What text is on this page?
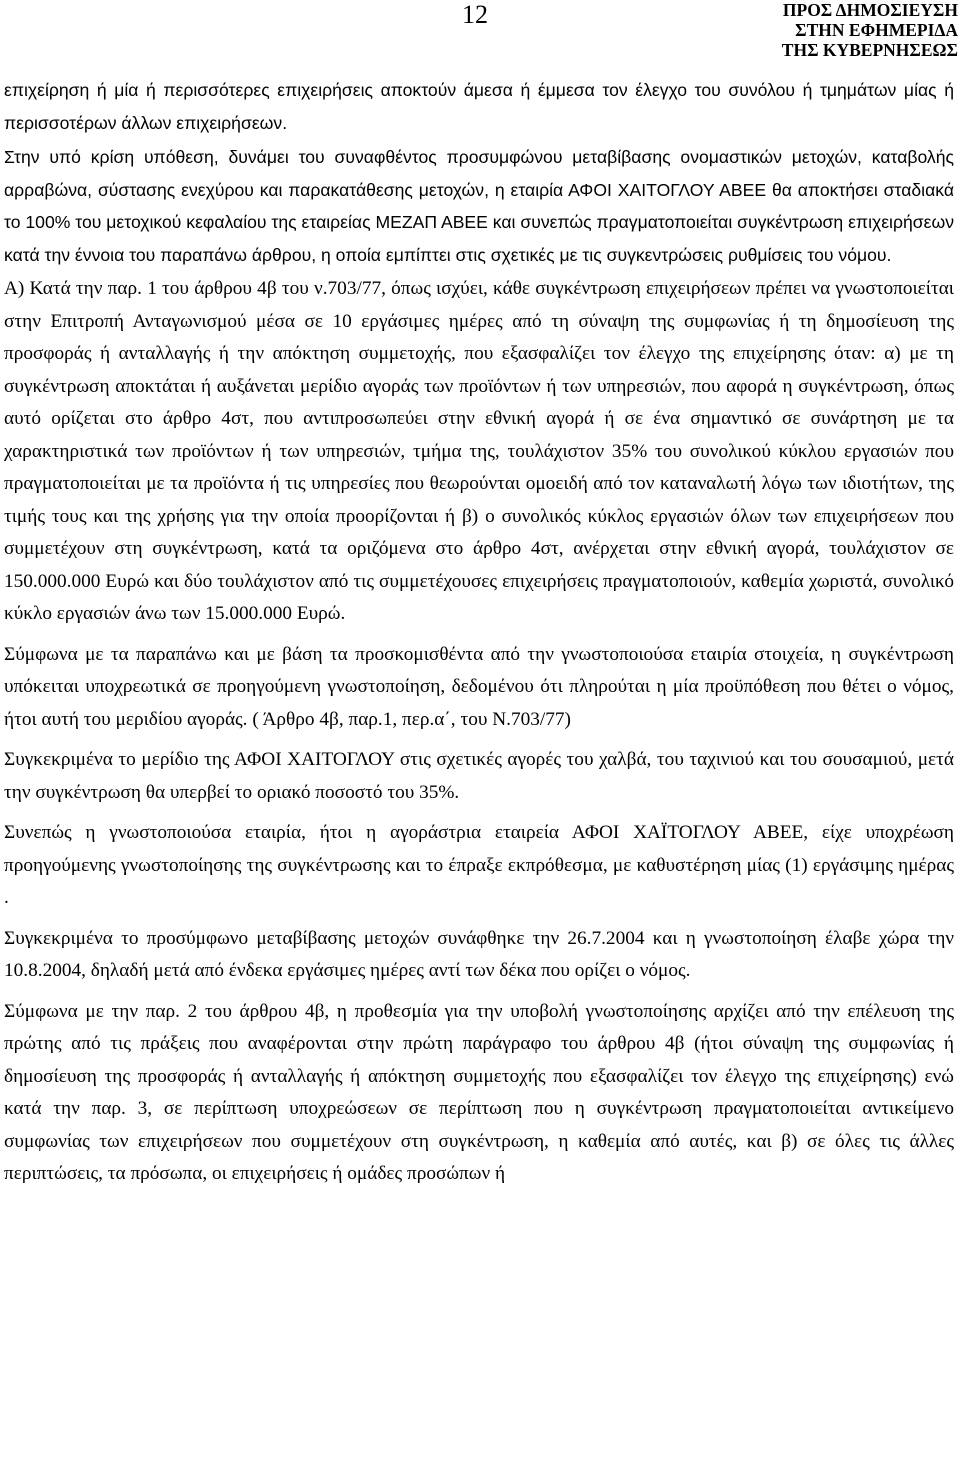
12	ΠΡΟΣ ΔΗΜΟΣΙΕΥΣΗ
ΣΤΗΝ ΕΦΗΜΕΡΙΔΑ
ΤΗΣ ΚΥΒΕΡΝΗΣΕΩΣ

επιχείρηση ή μία ή περισσότερες επιχειρήσεις αποκτούν άμεσα ή έμμεσα τον έλεγχο του συνόλου ή τμημάτων μίας ή περισσοτέρων άλλων επιχειρήσεων.

Στην υπό κρίση υπόθεση, δυνάμει του συναφθέντος προσυμφώνου μεταβίβασης ονομαστικών μετοχών, καταβολής αρραβώνα, σύστασης ενεχύρου και παρακατάθεσης μετοχών, η εταιρία ΑΦΟΙ ΧΑΙΤΟΓΛΟΥ ΑΒΕΕ θα αποκτήσει σταδιακά το 100% του μετοχικού κεφαλαίου της εταιρείας ΜΕΖΑΠ ΑΒΕΕ και συνεπώς πραγματοποιείται συγκέντρωση επιχειρήσεων κατά την έννοια του παραπάνω άρθρου, η οποία εμπίπτει στις σχετικές με τις συγκεντρώσεις ρυθμίσεις του νόμου.

Α) Κατά την παρ. 1 του άρθρου 4β του ν.703/77, όπως ισχύει, κάθε συγκέντρωση επιχειρήσεων πρέπει να γνωστοποιείται στην Επιτροπή Ανταγωνισμού μέσα σε 10 εργάσιμες ημέρες από τη σύναψη της συμφωνίας ή τη δημοσίευση της προσφοράς ή ανταλλαγής ή την απόκτηση συμμετοχής, που εξασφαλίζει τον έλεγχο της επιχείρησης όταν: α) με τη συγκέντρωση αποκτάται ή αυξάνεται μερίδιο αγοράς των προϊόντων ή των υπηρεσιών, που αφορά η συγκέντρωση, όπως αυτό ορίζεται στο άρθρο 4στ, που αντιπροσωπεύει στην εθνική αγορά ή σε ένα σημαντικό σε συνάρτηση με τα χαρακτηριστικά των προϊόντων ή των υπηρεσιών, τμήμα της, τουλάχιστον 35% του συνολικού κύκλου εργασιών που πραγματοποιείται με τα προϊόντα ή τις υπηρεσίες που θεωρούνται ομοειδή από τον καταναλωτή λόγω των ιδιοτήτων, της τιμής τους και της χρήσης για την οποία προορίζονται ή β) ο συνολικός κύκλος εργασιών όλων των επιχειρήσεων που συμμετέχουν στη συγκέντρωση, κατά τα οριζόμενα στο άρθρο 4στ, ανέρχεται στην εθνική αγορά, τουλάχιστον σε 150.000.000 Ευρώ και δύο τουλάχιστον από τις συμμετέχουσες επιχειρήσεις πραγματοποιούν, καθεμία χωριστά, συνολικό κύκλο εργασιών άνω των 15.000.000 Ευρώ.

Σύμφωνα με τα παραπάνω και με βάση τα προσκομισθέντα από την γνωστοποιούσα εταιρία στοιχεία, η συγκέντρωση υπόκειται υποχρεωτικά σε προηγούμενη γνωστοποίηση, δεδομένου ότι πληρούται η μία προϋπόθεση που θέτει ο νόμος, ήτοι αυτή του μεριδίου αγοράς. ( Άρθρο 4β, παρ.1, περ.α΄, του Ν.703/77)

Συγκεκριμένα το μερίδιο της ΑΦΟΙ ΧΑΙΤΟΓΛΟΥ στις σχετικές αγορές του χαλβά, του ταχινιού και του σουσαμιού, μετά την συγκέντρωση θα υπερβεί το οριακό ποσοστό του 35%.

Συνεπώς η γνωστοποιούσα εταιρία, ήτοι η αγοράστρια εταιρεία ΑΦΟΙ ΧΑΪΤΟΓΛΟΥ ΑΒΕΕ, είχε υποχρέωση προηγούμενης γνωστοποίησης της συγκέντρωσης και το έπραξε εκπρόθεσμα, με καθυστέρηση μίας (1) εργάσιμης ημέρας .

Συγκεκριμένα το προσύμφωνο μεταβίβασης μετοχών συνάφθηκε την 26.7.2004 και η γνωστοποίηση έλαβε χώρα την 10.8.2004, δηλαδή μετά από ένδεκα εργάσιμες ημέρες αντί των δέκα που ορίζει ο νόμος.

Σύμφωνα με την παρ. 2 του άρθρου 4β, η προθεσμία για την υποβολή γνωστοποίησης αρχίζει από την επέλευση της πρώτης από τις πράξεις που αναφέρονται στην πρώτη παράγραφο του άρθρου 4β (ήτοι σύναψη της συμφωνίας ή δημοσίευση της προσφοράς ή ανταλλαγής ή απόκτηση συμμετοχής που εξασφαλίζει τον έλεγχο της επιχείρησης) ενώ κατά την παρ. 3, σε περίπτωση υποχρεώσεων σε περίπτωση που η συγκέντρωση πραγματοποιείται αντικείμενο συμφωνίας των επιχειρήσεων που συμμετέχουν στη συγκέντρωση, η καθεμία από αυτές, και β) σε όλες τις άλλες περιπτώσεις, τα πρόσωπα, οι επιχειρήσεις ή ομάδες προσώπων ή
